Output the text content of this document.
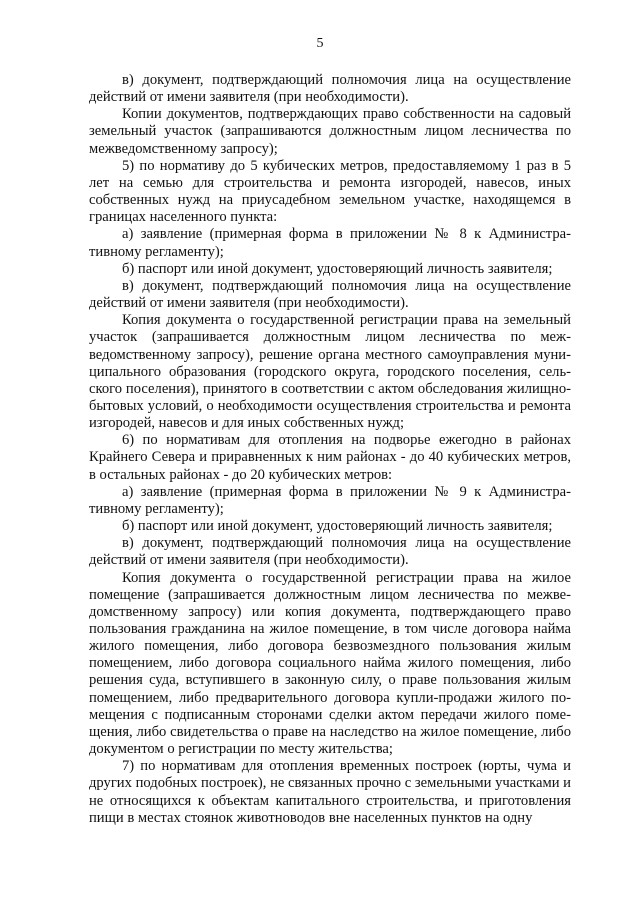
5

в) документ, подтверждающий полномочия лица на осуществление действий от имени заявителя (при необходимости).

Копии документов, подтверждающих право собственности на садовый земельный участок (запрашиваются должностным лицом лесничества по межведомственному запросу);

5) по нормативу до 5 кубических метров, предоставляемому 1 раз в 5 лет на семью для строительства и ремонта изгородей, навесов, иных собственных нужд на приусадебном земельном участке, находящемся в границах населенного пункта:

а) заявление (примерная форма в приложении № 8 к Административному регламенту);

б) паспорт или иной документ, удостоверяющий личность заявителя;

в) документ, подтверждающий полномочия лица на осуществление действий от имени заявителя (при необходимости).

Копия документа о государственной регистрации права на земельный участок (запрашивается должностным лицом лесничества по межведомственному запросу), решение органа местного самоуправления муниципального образования (городского округа, городского поселения, сельского поселения), принятого в соответствии с актом обследования жилищно-бытовых условий, о необходимости осуществления строительства и ремонта изгородей, навесов и для иных собственных нужд;

6) по нормативам для отопления на подворье ежегодно в районах Крайнего Севера и приравненных к ним районах - до 40 кубических метров, в остальных районах - до 20 кубических метров:

а) заявление (примерная форма в приложении № 9 к Административному регламенту);

б) паспорт или иной документ, удостоверяющий личность заявителя;

в) документ, подтверждающий полномочия лица на осуществление действий от имени заявителя (при необходимости).

Копия документа о государственной регистрации права на жилое помещение (запрашивается должностным лицом лесничества по межведомственному запросу) или копия документа, подтверждающего право пользования гражданина на жилое помещение, в том числе договора найма жилого помещения, либо договора безвозмездного пользования жилым помещением, либо договора социального найма жилого помещения, либо решения суда, вступившего в законную силу, о праве пользования жилым помещением, либо предварительного договора купли-продажи жилого помещения с подписанным сторонами сделки актом передачи жилого помещения, либо свидетельства о праве на наследство на жилое помещение, либо документом о регистрации по месту жительства;

7) по нормативам для отопления временных построек (юрты, чума и других подобных построек), не связанных прочно с земельными участками и не относящихся к объектам капитального строительства, и приготовления пищи в местах стоянок животноводов вне населенных пунктов на одну
